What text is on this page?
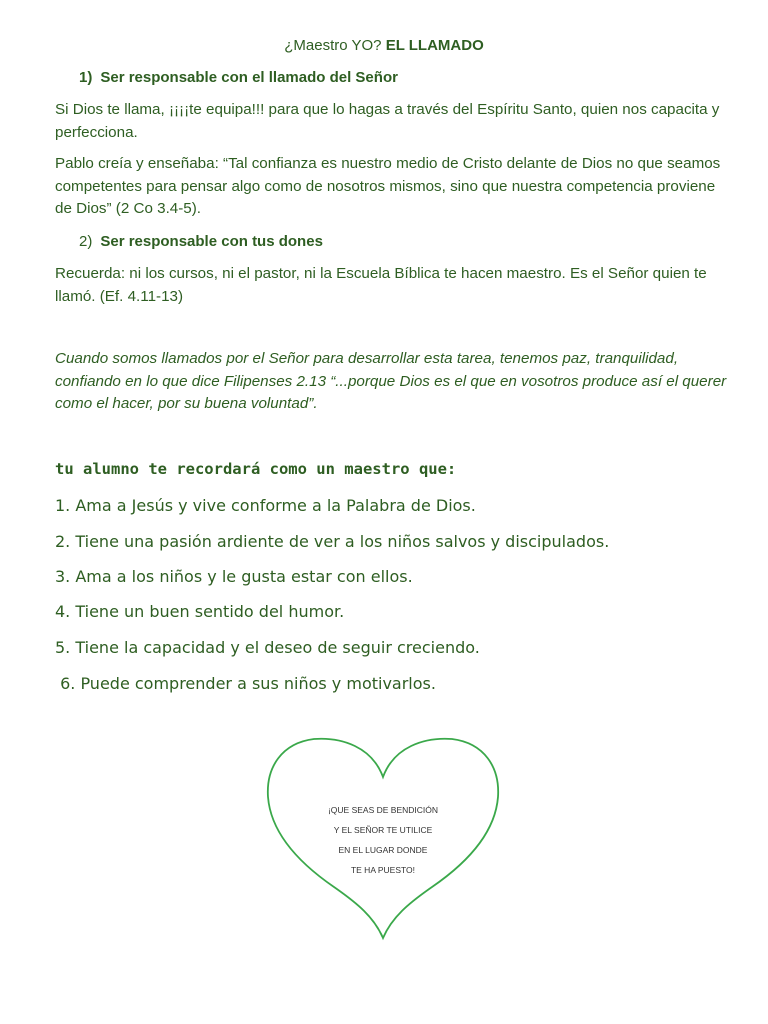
¿Maestro YO? EL LLAMADO
1) Ser responsable con el llamado del Señor
Si Dios te llama, ¡¡¡¡te equipa!!! para que lo hagas a través del Espíritu Santo, quien nos capacita y perfecciona.
Pablo creía y enseñaba: “Tal confianza es nuestro medio de Cristo delante de Dios no que seamos competentes para pensar algo como de nosotros mismos, sino que nuestra competencia proviene de Dios” (2 Co 3.4-5).
2) Ser responsable con tus dones
Recuerda: ni los cursos, ni el pastor, ni la Escuela Bíblica te hacen maestro. Es el Señor quien te llamó. (Ef. 4.11-13)
Cuando somos llamados por el Señor para desarrollar esta tarea, tenemos paz, tranquilidad, confiando en lo que dice Filipenses 2.13 “...porque Dios es el que en vosotros produce así el querer como el hacer, por su buena voluntad”.
tu alumno te recordará como un maestro que:
1. Ama a Jesús y vive conforme a la Palabra de Dios.
2. Tiene una pasión ardiente de ver a los niños salvos y discipulados.
3. Ama a los niños y le gusta estar con ellos.
4. Tiene un buen sentido del humor.
5. Tiene la capacidad y el deseo de seguir creciendo.
6. Puede comprender a sus niños y motivarlos.
¡QUE SEAS DE BENDICIÓN
Y EL SEÑOR TE UTILICE
EN EL LUGAR DONDE
TE HA PUESTO!
